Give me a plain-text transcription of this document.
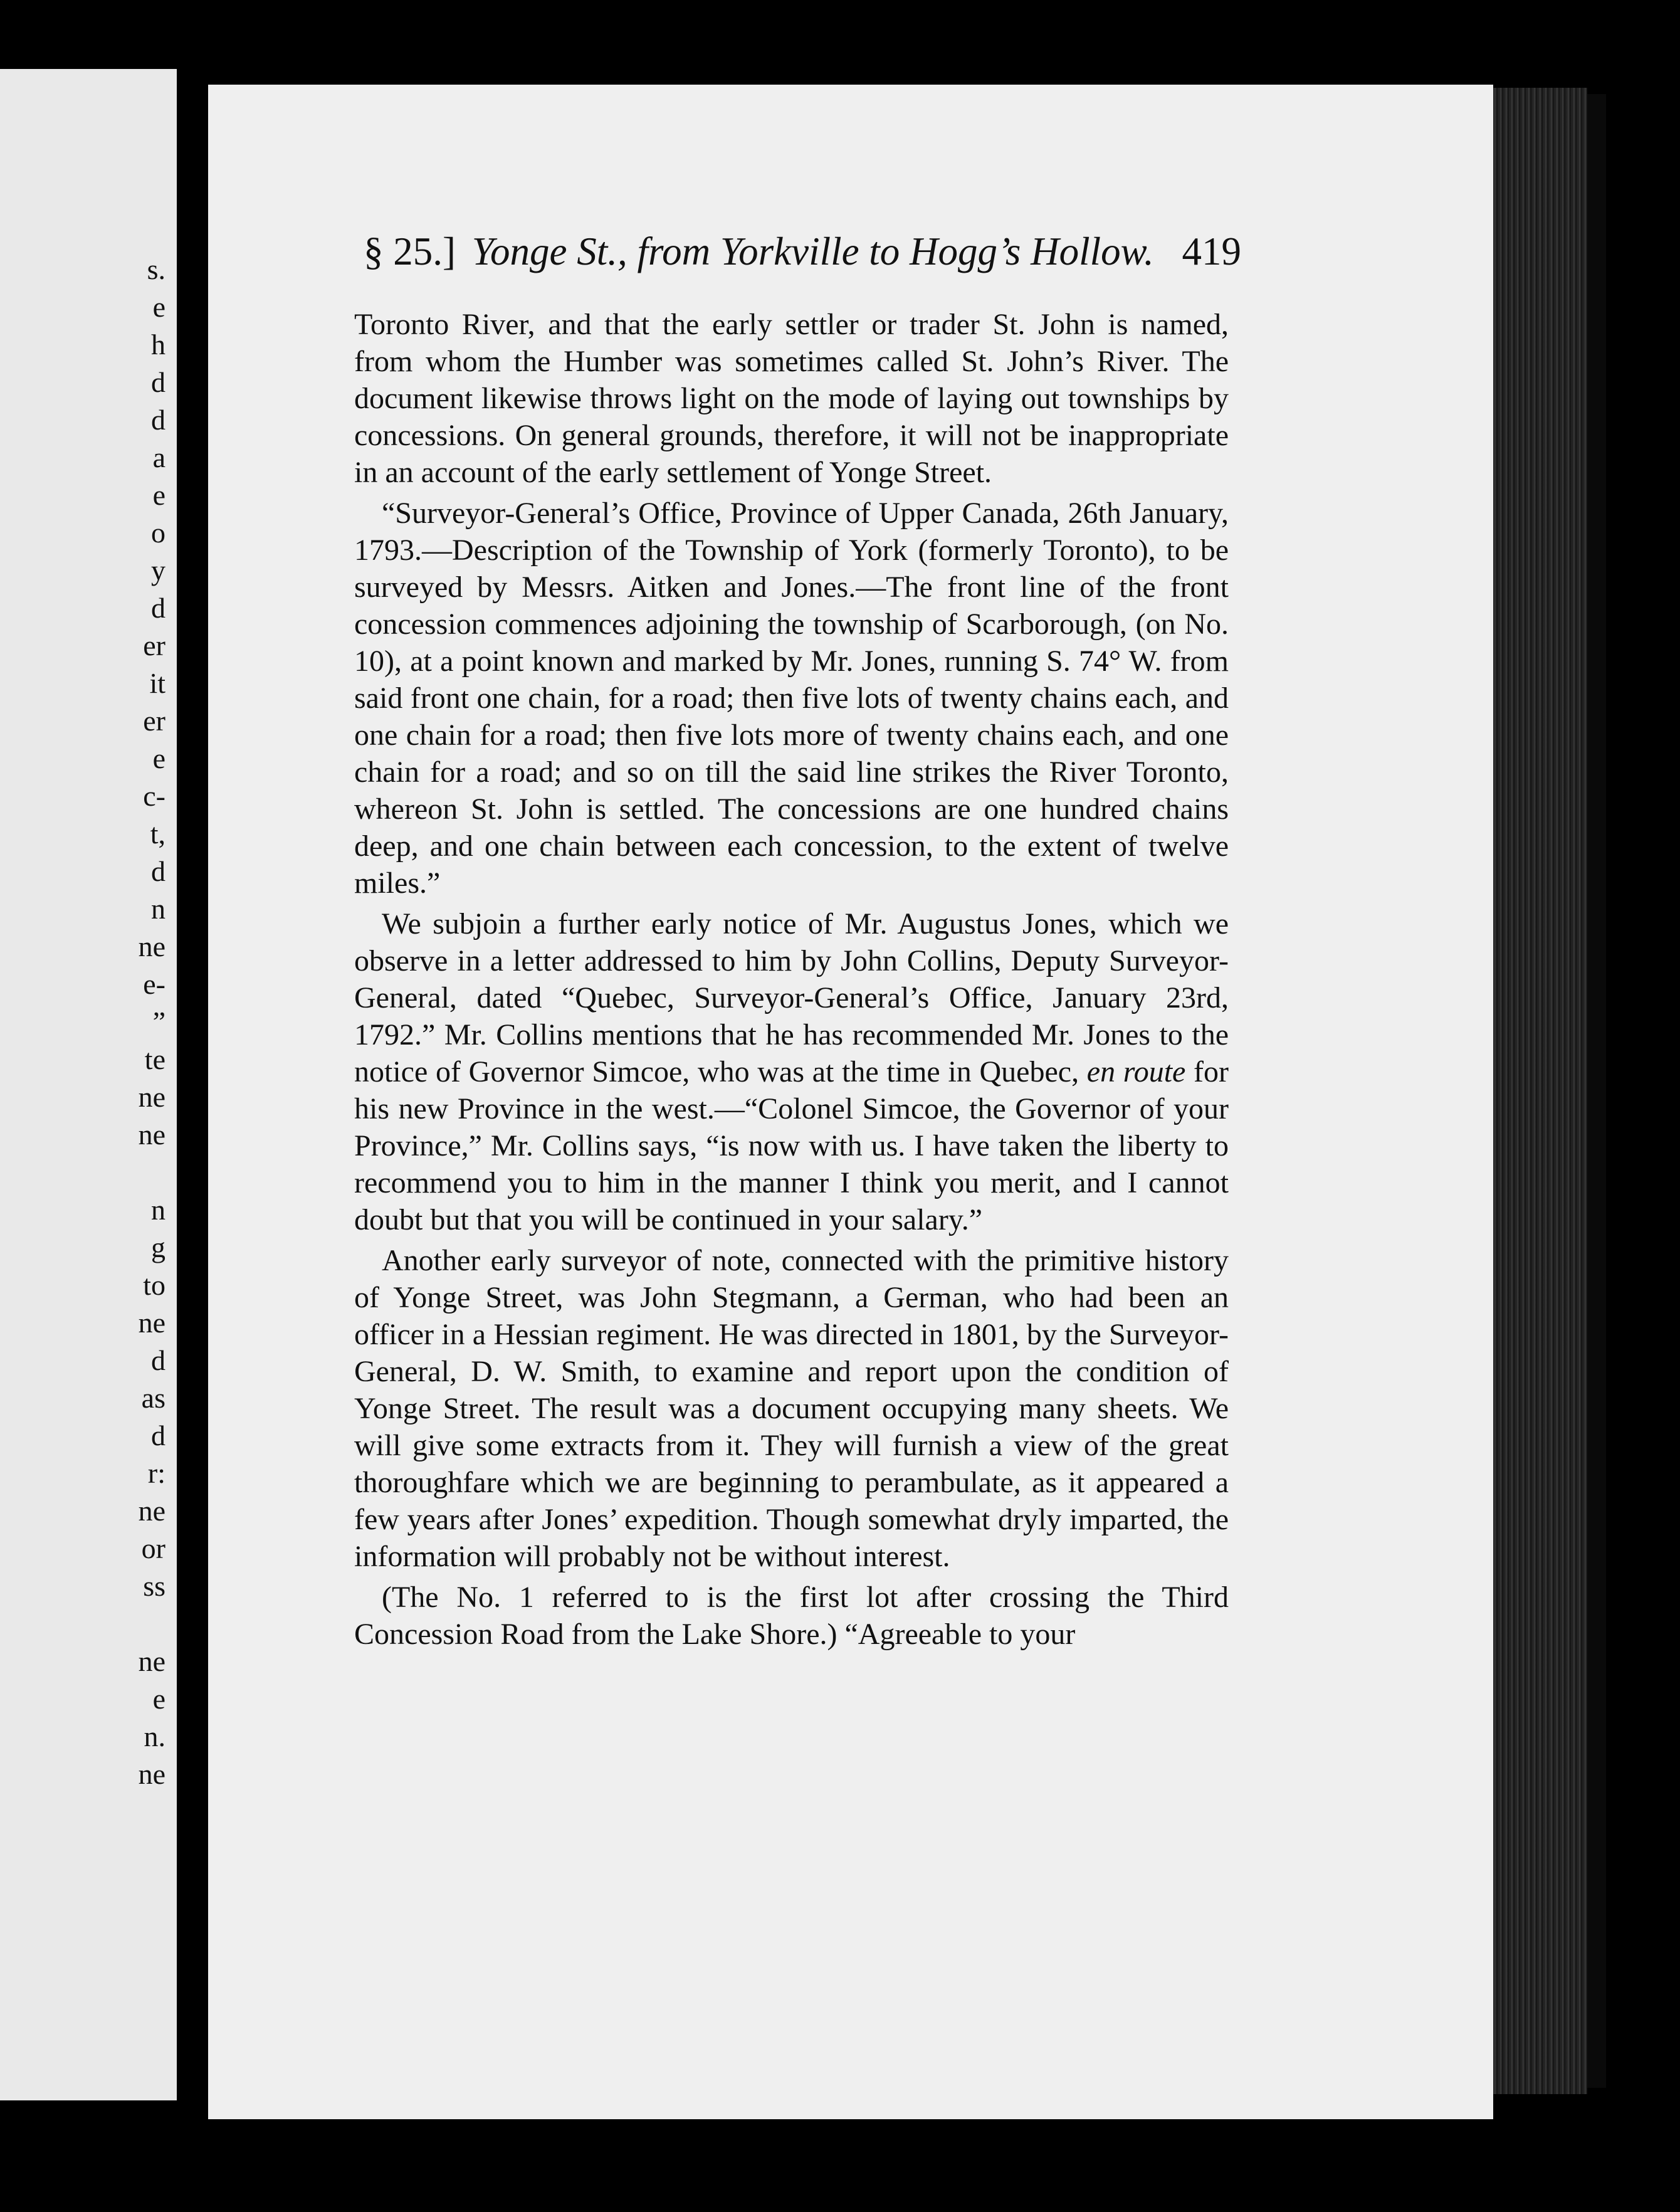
s.
e
h
d
d
a
e
o
y
d
er
it
er
e
c-
t,
d
n
ne
e-
”
te
ne
ne

n
g
to
ne
d
as
d
r:
ne
or
ss

ne
e
n.
ne
§ 25.] Yonge St., from Yorkville to Hogg’s Hollow. 419

Toronto River, and that the early settler or trader St. John is named, from whom the Humber was sometimes called St. John’s River. The document likewise throws light on the mode of laying out townships by concessions. On general grounds, therefore, it will not be inappropriate in an account of the early settlement of Yonge Street.

“Surveyor-General’s Office, Province of Upper Canada, 26th January, 1793.—Description of the Township of York (formerly Toronto), to be surveyed by Messrs. Aitken and Jones.—The front line of the front concession commences adjoining the township of Scarborough, (on No. 10), at a point known and marked by Mr. Jones, running S. 74° W. from said front one chain, for a road; then five lots of twenty chains each, and one chain for a road; then five lots more of twenty chains each, and one chain for a road; and so on till the said line strikes the River Toronto, whereon St. John is settled. The concessions are one hundred chains deep, and one chain between each concession, to the extent of twelve miles.”

We subjoin a further early notice of Mr. Augustus Jones, which we observe in a letter addressed to him by John Collins, Deputy Surveyor-General, dated “Quebec, Surveyor-General’s Office, January 23rd, 1792.” Mr. Collins mentions that he has recommended Mr. Jones to the notice of Governor Simcoe, who was at the time in Quebec, en route for his new Province in the west.—“Colonel Simcoe, the Governor of your Province,” Mr. Collins says, “is now with us. I have taken the liberty to recommend you to him in the manner I think you merit, and I cannot doubt but that you will be continued in your salary.”

Another early surveyor of note, connected with the primitive history of Yonge Street, was John Stegmann, a German, who had been an officer in a Hessian regiment. He was directed in 1801, by the Surveyor-General, D. W. Smith, to examine and report upon the condition of Yonge Street. The result was a document occupying many sheets. We will give some extracts from it. They will furnish a view of the great thoroughfare which we are beginning to perambulate, as it appeared a few years after Jones’ expedition. Though somewhat dryly imparted, the information will probably not be without interest.

(The No. 1 referred to is the first lot after crossing the Third Concession Road from the Lake Shore.) “Agreeable to your
